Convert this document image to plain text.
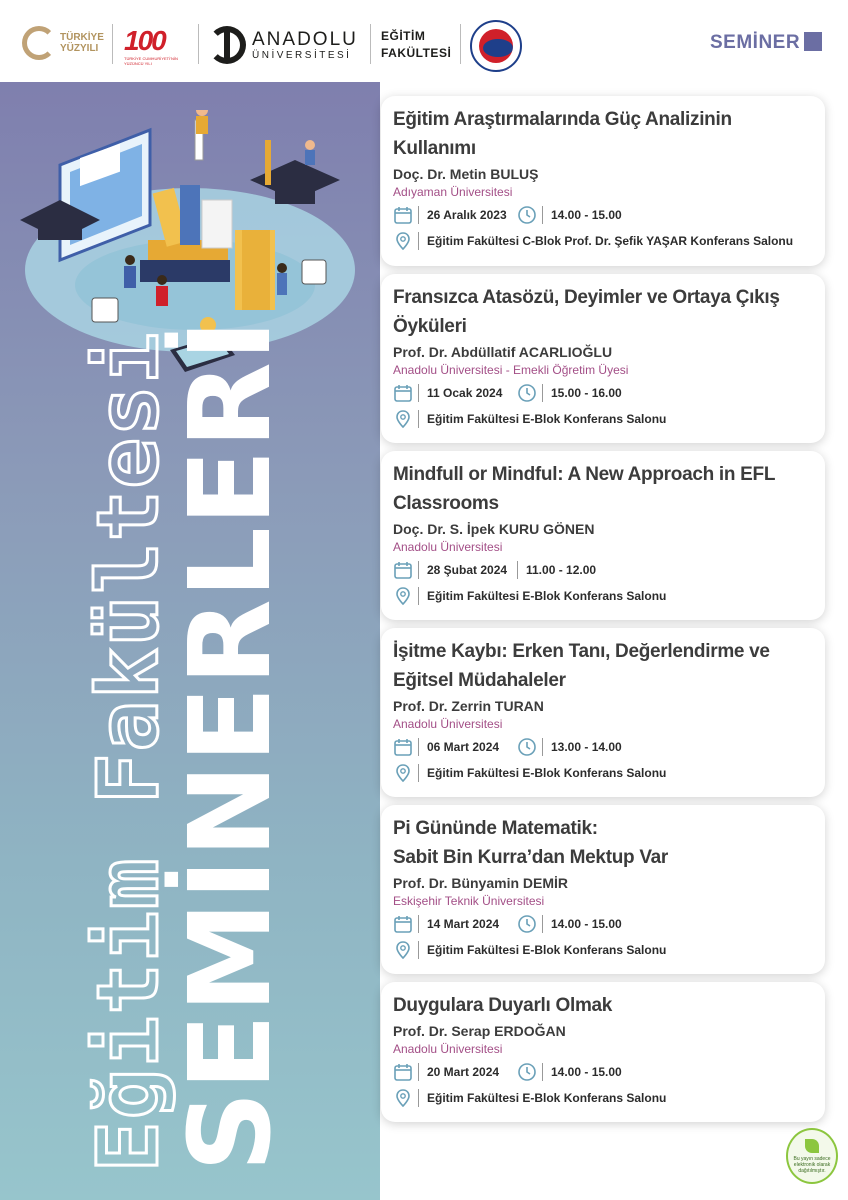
TÜRKİYE YÜZYILI 100
TÜRKİYE CUMHURİYETİ'NİN YÜZÜNCÜ YILI
ANADOLU
ÜNİVERSİTESİ
EĞİTİM
FAKÜLTESİ	SEMİNER
Eğitim Fakültesi
SEMİNERLERİ
Eğitim Araştırmalarında Güç Analizinin Kullanımı
Doç. Dr. Metin BULUŞ
Adıyaman Üniversitesi
26 Aralık 2023	14.00 - 15.00
Eğitim Fakültesi C-Blok Prof. Dr. Şefik YAŞAR Konferans Salonu
Fransızca Atasözü, Deyimler ve Ortaya Çıkış Öyküleri
Prof. Dr. Abdüllatif ACARLIOĞLU
Anadolu Üniversitesi - Emekli Öğretim Üyesi
11 Ocak 2024	15.00 - 16.00
Eğitim Fakültesi E-Blok Konferans Salonu
Mindfull or Mindful: A New Approach in EFL Classrooms
Doç. Dr. S. İpek KURU GÖNEN
Anadolu Üniversitesi
28 Şubat 2024	11.00 - 12.00
Eğitim Fakültesi E-Blok Konferans Salonu
İşitme Kaybı: Erken Tanı, Değerlendirme ve Eğitsel Müdahaleler
Prof. Dr. Zerrin TURAN
Anadolu Üniversitesi
06 Mart 2024	13.00 - 14.00
Eğitim Fakültesi E-Blok Konferans Salonu
Pi Gününde Matematik:
Sabit Bin Kurra’dan Mektup Var
Prof. Dr. Bünyamin DEMİR
Eskişehir Teknik Üniversitesi
14 Mart 2024	14.00 - 15.00
Eğitim Fakültesi E-Blok Konferans Salonu
Duygulara Duyarlı Olmak
Prof. Dr. Serap ERDOĞAN
Anadolu Üniversitesi
20 Mart 2024	14.00 - 15.00
Eğitim Fakültesi E-Blok Konferans Salonu
Bu yayın sadece elektronik olarak dağıtılmıştır.
